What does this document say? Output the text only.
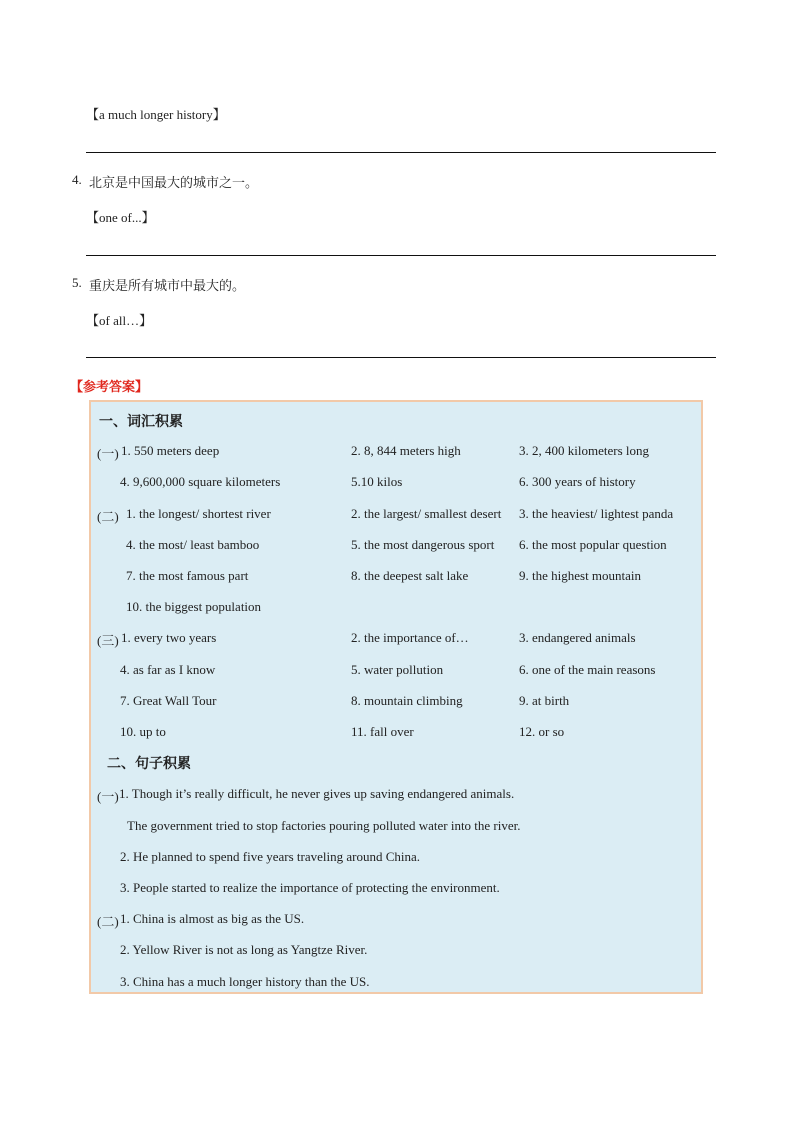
【a much longer history】
4. 北京是中国最大的城市之一。
【one of...】
5. 重庆是所有城市中最大的。
【of all…】
【参考答案】
一、词汇积累
(一) 1. 550 meters deep	2. 8, 844 meters high	3. 2, 400 kilometers long
4. 9,600,000 square kilometers	5.10 kilos	6. 300 years of history
(二) 1. the longest/ shortest river	2. the largest/ smallest desert 3. the heaviest/ lightest panda
4. the most/ least bamboo	5. the most dangerous sport 6. the most popular question
7. the most famous part	8. the deepest salt lake	9. the highest mountain
10. the biggest population
(三) 1. every two years	2. the importance of…	3. endangered animals
4. as far as I know	5. water pollution	6. one of the main reasons
7. Great Wall Tour	8. mountain climbing	9. at birth
10. up to	11. fall over	12. or so
二、句子积累
(一) 1. Though it’s really difficult, he never gives up saving endangered animals.
The government tried to stop factories pouring polluted water into the river.
2. He planned to spend five years traveling around China.
3. People started to realize the importance of protecting the environment.
(二) 1. China is almost as big as the US.
2. Yellow River is not as long as Yangtze River.
3. China has a much longer history than the US.
